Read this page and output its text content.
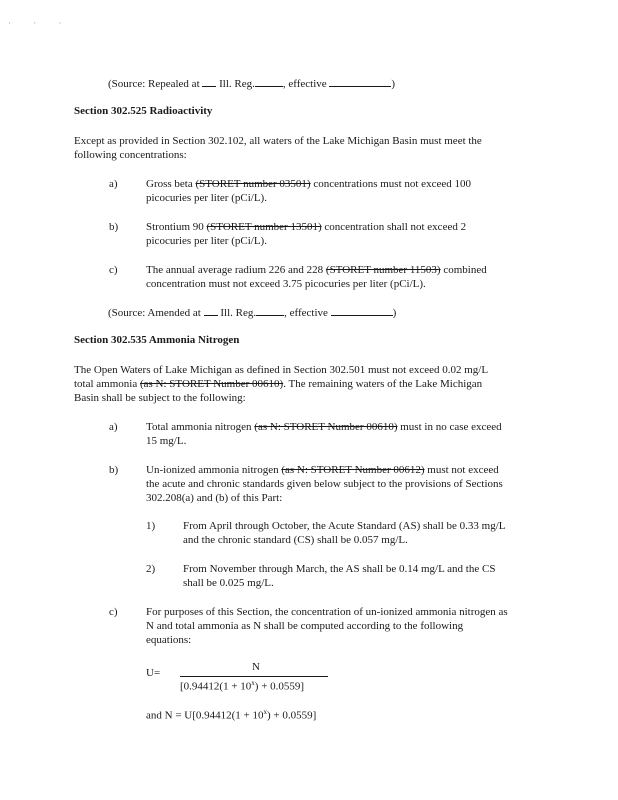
· · ·
(Source: Repealed at Ill. Reg.	, effective	)
Section 302.525 Radioactivity
Except as provided in Section 302.102, all waters of the Lake Michigan Basin must meet the
following concentrations:
a)	Gross beta (STORET number 03501) concentrations must not exceed 100
picocuries per liter (pCi/L).
b)	Strontium 90 (STORET number 13501) concentration shall not exceed 2
picocuries per liter (pCi/L).
c)	The annual average radium 226 and 228 (STORET number 11503) combined
concentration must not exceed 3.75 picocuries per liter (pCi/L).
(Source: Amended at Ill. Reg.	, effective	)
Section 302.535 Ammonia Nitrogen
The Open Waters of Lake Michigan as defined in Section 302.501 must not exceed 0.02 mg/L
total ammonia (as N: STORET Number 00610). The remaining waters of the Lake Michigan
Basin shall be subject to the following:
a)	Total ammonia nitrogen (as N: STORET Number 00610) must in no case exceed
15 mg/L.
b)	Un-ionized ammonia nitrogen (as N: STORET Number 00612) must not exceed
the acute and chronic standards given below subject to the provisions of Sections
302.208(a) and (b) of this Part:
1)	From April through October, the Acute Standard (AS) shall be 0.33 mg/L
and the chronic standard (CS) shall be 0.057 mg/L.
2)	From November through March, the AS shall be 0.14 mg/L and the CS
shall be 0.025 mg/L.
c)	For purposes of this Section, the concentration of un-ionized ammonia nitrogen as
N and total ammonia as N shall be computed according to the following
equations:
U=	N
$[0.94412(1 + 10^x) + 0.0559]$
and $N = U[0.94412(1 + 10^x) + 0.0559]$
